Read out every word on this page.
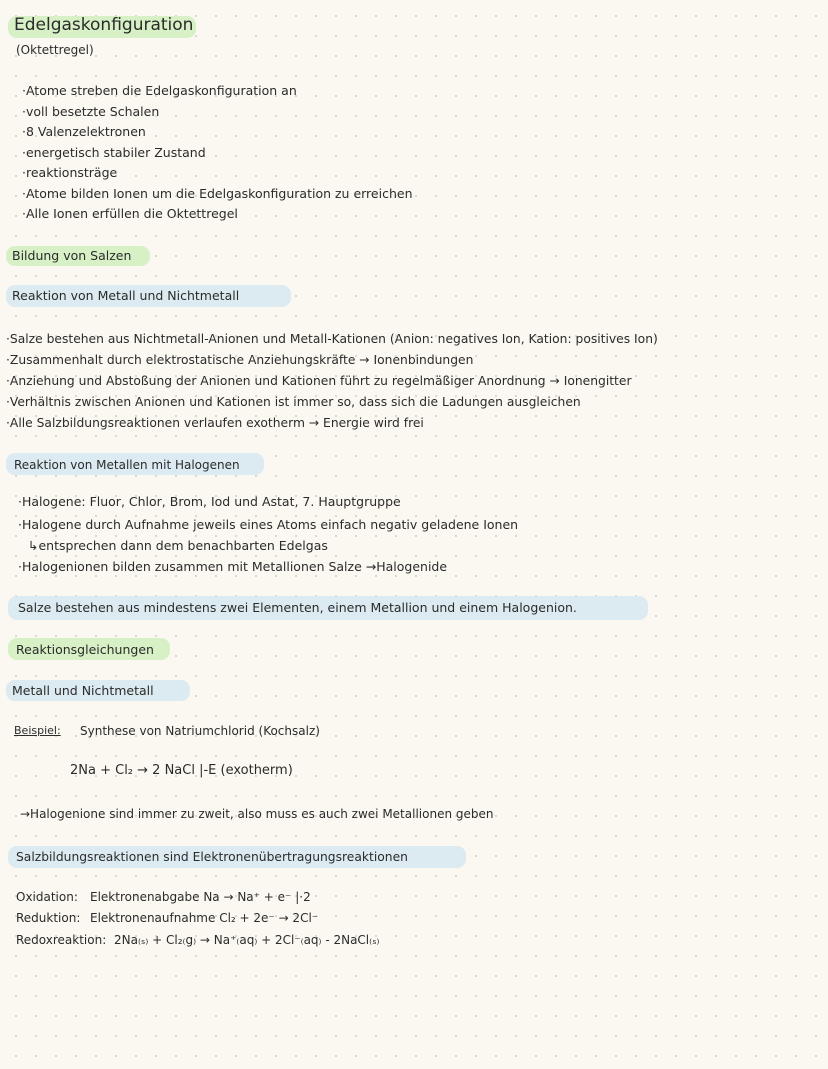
Edelgaskonfiguration
(Oktettregel)
·Atome streben die Edelgaskonfiguration an
·voll besetzte Schalen
·8 Valenzelektronen
·energetisch stabiler Zustand
·reaktionsträge
·Atome bilden Ionen um die Edelgaskonfiguration zu erreichen
·Alle Ionen erfüllen die Oktettregel
Bildung von Salzen
Reaktion von Metall und Nichtmetall
·Salze bestehen aus Nichtmetall-Anionen und Metall-Kationen (Anion: negatives Ion, Kation: positives Ion)
·Zusammenhalt durch elektrostatische Anziehungskräfte → Ionenbindungen
·Anziehung und Abstoßung der Anionen und Kationen führt zu regelmäßiger Anordnung → Ionengitter
·Verhältnis zwischen Anionen und Kationen ist immer so, dass sich die Ladungen ausgleichen
·Alle Salzbildungsreaktionen verlaufen exotherm → Energie wird frei
Reaktion von Metallen mit Halogenen
·Halogene: Fluor, Chlor, Brom, Iod und Astat, 7. Hauptgruppe
·Halogene durch Aufnahme jeweils eines Atoms einfach negativ geladene Ionen
↳entsprechen dann dem benachbarten Edelgas
·Halogenionen bilden zusammen mit Metallionen Salze →Halogenide
Salze bestehen aus mindestens zwei Elementen, einem Metallion und einem Halogenion.
Reaktionsgleichungen
Metall und Nichtmetall
Beispiel: Synthese von Natriumchlorid (Kochsalz)
2Na + Cl₂ → 2 NaCl |-E (exotherm)
→Halogenione sind immer zu zweit, also muss es auch zwei Metallionen geben
Salzbildungsreaktionen sind Elektronenübertragungsreaktionen
Oxidation: Elektronenabgabe Na → Na⁺ + e⁻ |·2
Reduktion: Elektronenaufnahme Cl₂ + 2e⁻ → 2Cl⁻
Redoxreaktion: 2Na₍ₛ₎ + Cl₂₍g₎ → Na⁺₍aq₎ + 2Cl⁻₍aq₎ - 2NaCl₍ₛ₎
